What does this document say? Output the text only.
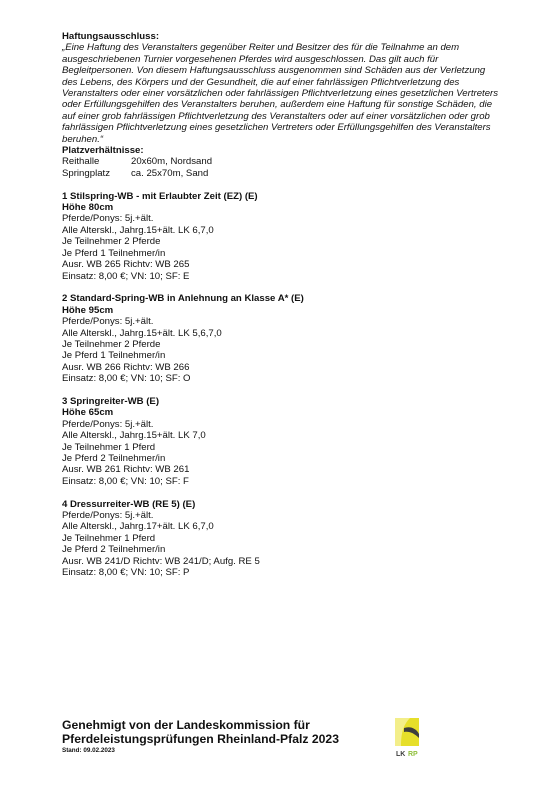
Haftungsausschluss:

„Eine Haftung des Veranstalters gegenüber Reiter und Besitzer des für die Teilnahme an dem ausgeschriebenen Turnier vorgesehenen Pferdes wird ausgeschlossen. Das gilt auch für Begleitpersonen. Von diesem Haftungsausschluss ausgenommen sind Schäden aus der Verletzung des Lebens, des Körpers und der Gesundheit, die auf einer fahrlässigen Pflichtverletzung des Veranstalters oder einer vorsätzlichen oder fahrlässigen Pflichtverletzung eines gesetzlichen Vertreters oder Erfüllungsgehilfen des Veranstalters beruhen, außerdem eine Haftung für sonstige Schäden, die auf einer grob fahrlässigen Pflichtverletzung des Veranstalters oder auf einer vorsätzlichen oder grob fahrlässigen Pflichtverletzung eines gesetzlichen Vertreters oder Erfüllungsgehilfen des Veranstalters beruhen.“

Platzverhältnisse:
Reithalle	20x60m, Nordsand
Springplatz	ca. 25x70m, Sand
1 Stilspring-WB - mit Erlaubter Zeit (EZ) (E)
Höhe 80cm
Pferde/Ponys: 5j.+ält.
Alle Alterskl., Jahrg.15+ält. LK 6,7,0
Je Teilnehmer 2 Pferde
Je Pferd 1 Teilnehmer/in
Ausr. WB 265 Richtv: WB 265
Einsatz: 8,00 €; VN: 10; SF: E
2 Standard-Spring-WB in Anlehnung an Klasse A* (E)
Höhe 95cm
Pferde/Ponys: 5j.+ält.
Alle Alterskl., Jahrg.15+ält. LK 5,6,7,0
Je Teilnehmer 2 Pferde
Je Pferd 1 Teilnehmer/in
Ausr. WB 266 Richtv: WB 266
Einsatz: 8,00 €; VN: 10; SF: O
3 Springreiter-WB (E)
Höhe 65cm
Pferde/Ponys: 5j.+ält.
Alle Alterskl., Jahrg.15+ält. LK 7,0
Je Teilnehmer 1 Pferd
Je Pferd 2 Teilnehmer/in
Ausr. WB 261 Richtv: WB 261
Einsatz: 8,00 €; VN: 10; SF: F
4 Dressurreiter-WB (RE 5) (E)
Pferde/Ponys: 5j.+ält.
Alle Alterskl., Jahrg.17+ält. LK 6,7,0
Je Teilnehmer 1 Pferd
Je Pferd 2 Teilnehmer/in
Ausr. WB 241/D Richtv: WB 241/D; Aufg. RE 5
Einsatz: 8,00 €; VN: 10; SF: P
Genehmigt von der Landeskommission für
Pferdeleistungsprüfungen Rheinland-Pfalz 2023
Stand: 09.02.2023
LK RP
